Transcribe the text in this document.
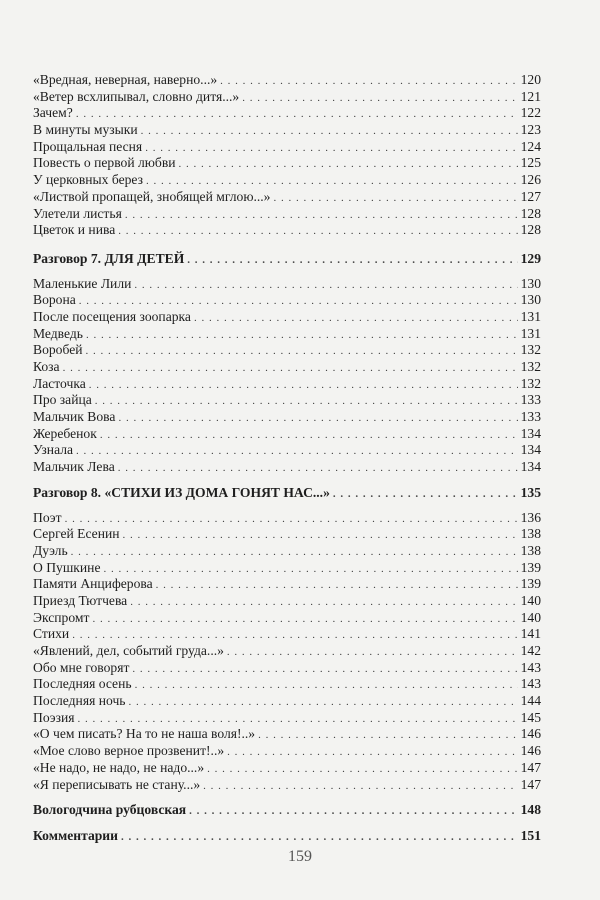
«Вредная, неверная, наверно...» . . .	120
«Ветер всхлипывал, словно дитя...» . . .	121
Зачем? . . .	122
В минуты музыки . . .	123
Прощальная песня . . .	124
Повесть о первой любви . . .	125
У церковных берез . . .	126
«Листвой пропащей, знобящей мглою...» . . .	127
Улетели листья . . .	128
Цветок и нива . . .	128
Разговор 7. ДЛЯ ДЕТЕЙ . . .	129
Маленькие Лили . . .	130
Ворона . . .	130
После посещения зоопарка . . .	131
Медведь . . .	131
Воробей . . .	132
Коза . . .	132
Ласточка . . .	132
Про зайца . . .	133
Мальчик Вова . . .	133
Жеребенок . . .	134
Узнала . . .	134
Мальчик Лева . . .	134
Разговор 8. «СТИХИ ИЗ ДОМА ГОНЯТ НАС...» . . .	135
Поэт . . .	136
Сергей Есенин . . .	138
Дуэль . . .	138
О Пушкине . . .	139
Памяти Анциферова . . .	139
Приезд Тютчева . . .	140
Экспромт . . .	140
Стихи . . .	141
«Явлений, дел, событий груда...» . . .	142
Обо мне говорят . . .	143
Последняя осень . . .	143
Последняя ночь . . .	144
Поэзия . . .	145
«О чем писать? На то не наша воля!..» . . .	146
«Мое слово верное прозвенит!..» . . .	146
«Не надо, не надо, не надо...» . . .	147
«Я переписывать не стану...» . . .	147
Вологодчина рубцовская . . .	148
Комментарии . . .	151
159
